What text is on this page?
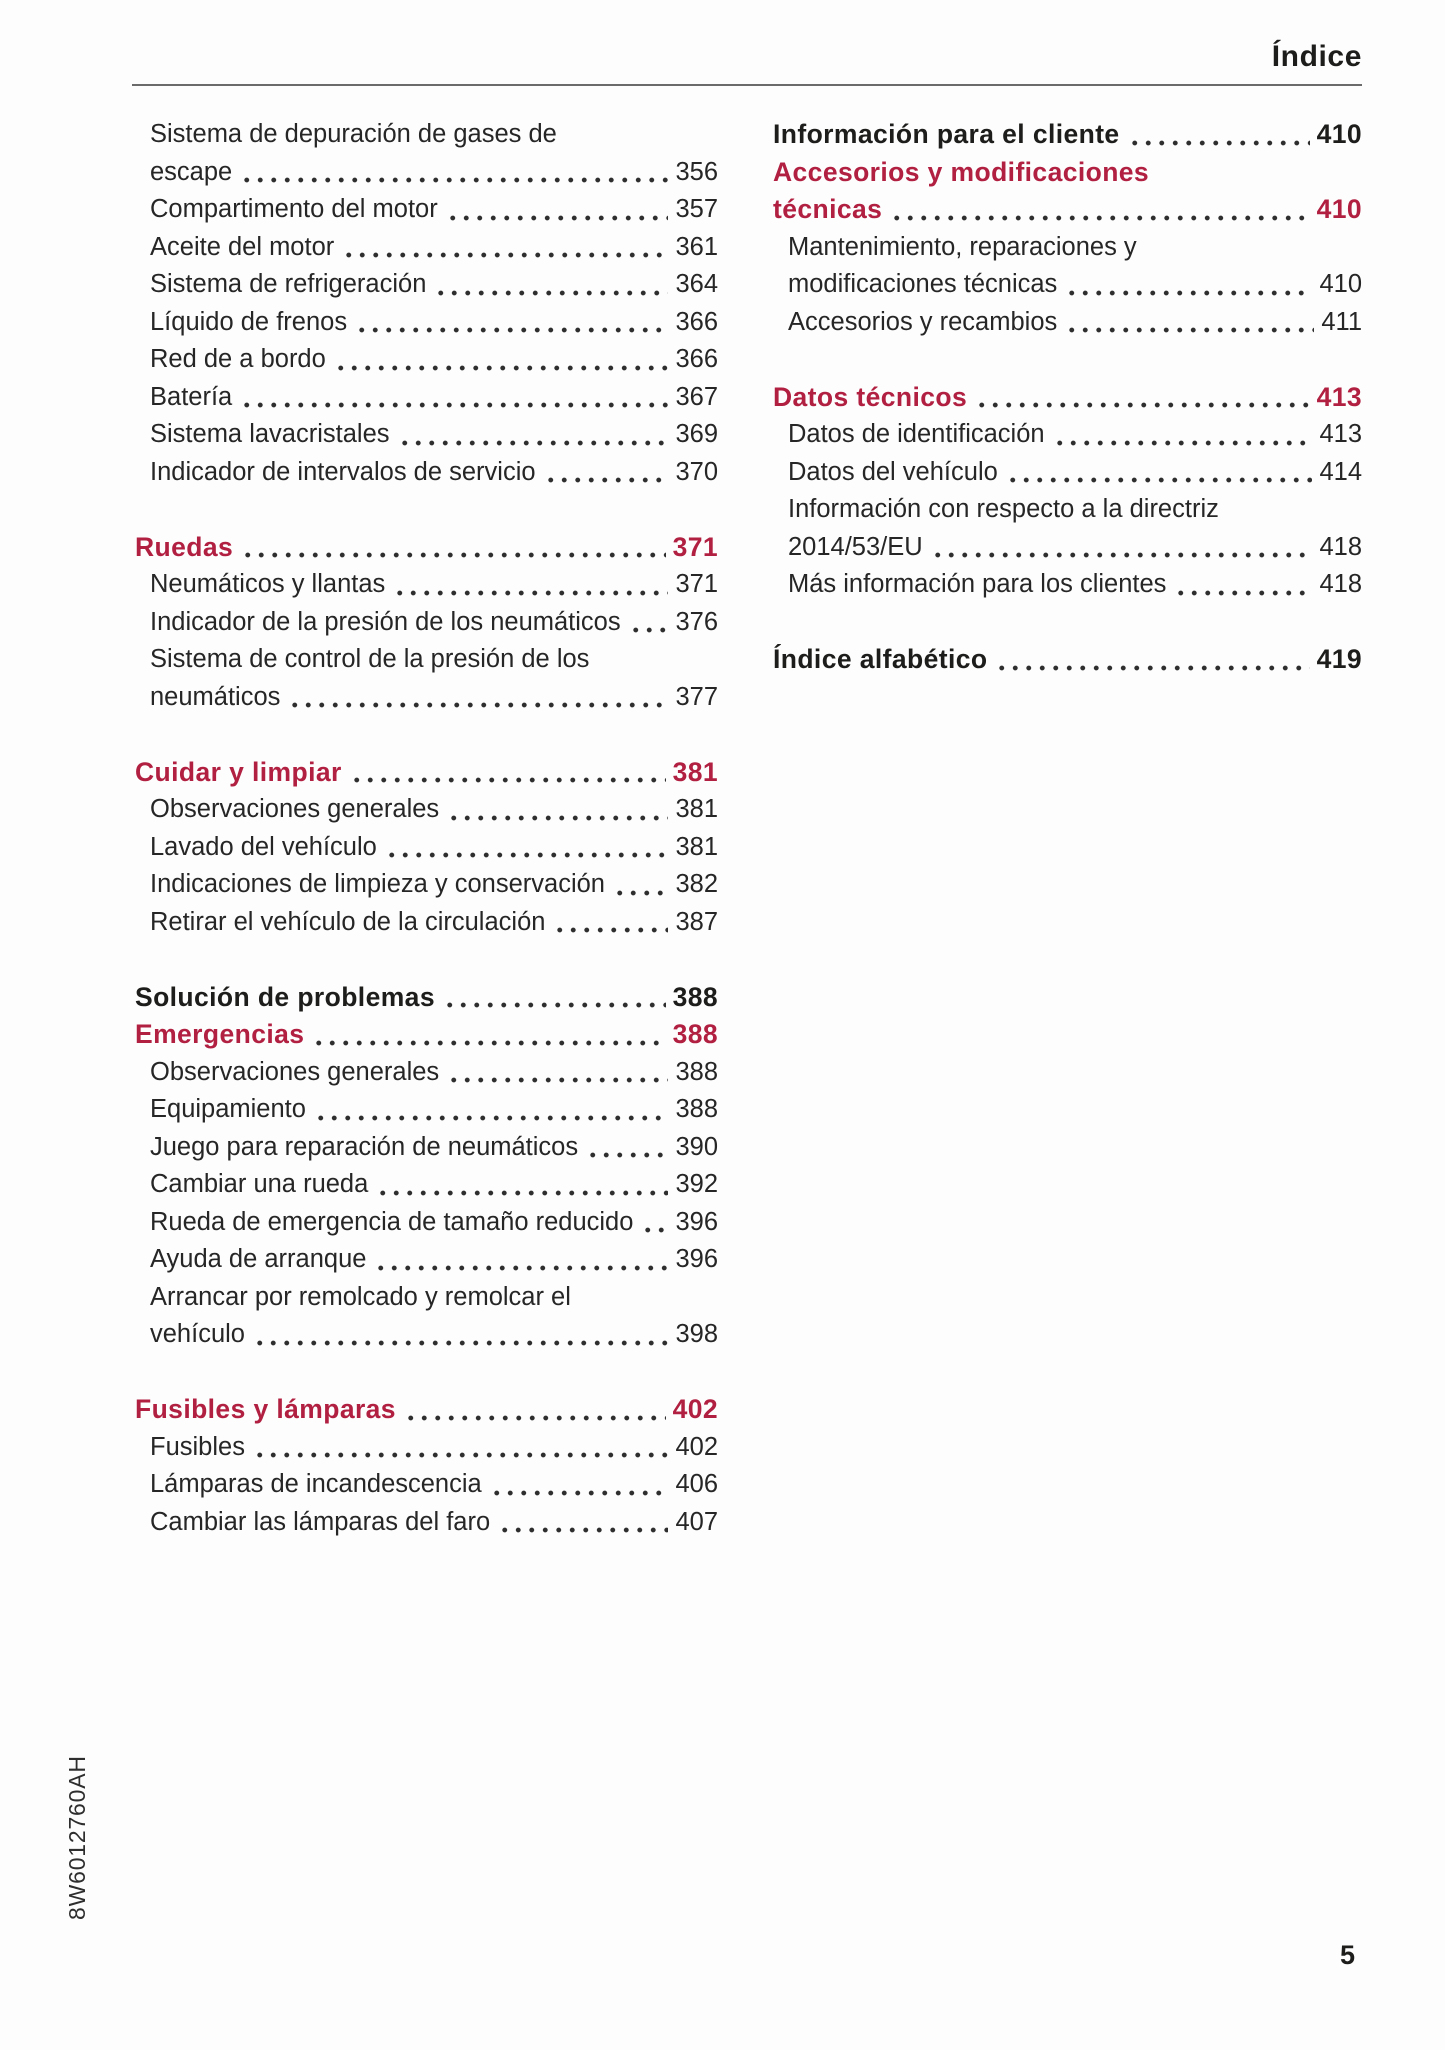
Índice
Sistema de depuración de gases de
escape	356
Compartimento del motor	357
Aceite del motor	361
Sistema de refrigeración	364
Líquido de frenos	366
Red de a bordo	366
Batería	367
Sistema lavacristales	369
Indicador de intervalos de servicio	370
Ruedas	371
Neumáticos y llantas	371
Indicador de la presión de los neumáticos 376
Sistema de control de la presión de los
neumáticos	377
Cuidar y limpiar	381
Observaciones generales	381
Lavado del vehículo	381
Indicaciones de limpieza y conservación	382
Retirar el vehículo de la circulación	387
Solución de problemas	388
Emergencias	388
Observaciones generales	388
Equipamiento	388
Juego para reparación de neumáticos	390
Cambiar una rueda	392
Rueda de emergencia de tamaño reducido 396
Ayuda de arranque	396
Arrancar por remolcado y remolcar el
vehículo	398
Fusibles y lámparas	402
Fusibles	402
Lámparas de incandescencia	406
Cambiar las lámparas del faro	407
Información para el cliente	410
Accesorios y modificaciones
técnicas	410
Mantenimiento, reparaciones y
modificaciones técnicas	410
Accesorios y recambios	411
Datos técnicos	413
Datos de identificación	413
Datos del vehículo	414
Información con respecto a la directriz
2014/53/EU	418
Más información para los clientes	418
Índice alfabético	419
8W6012760AH
5
